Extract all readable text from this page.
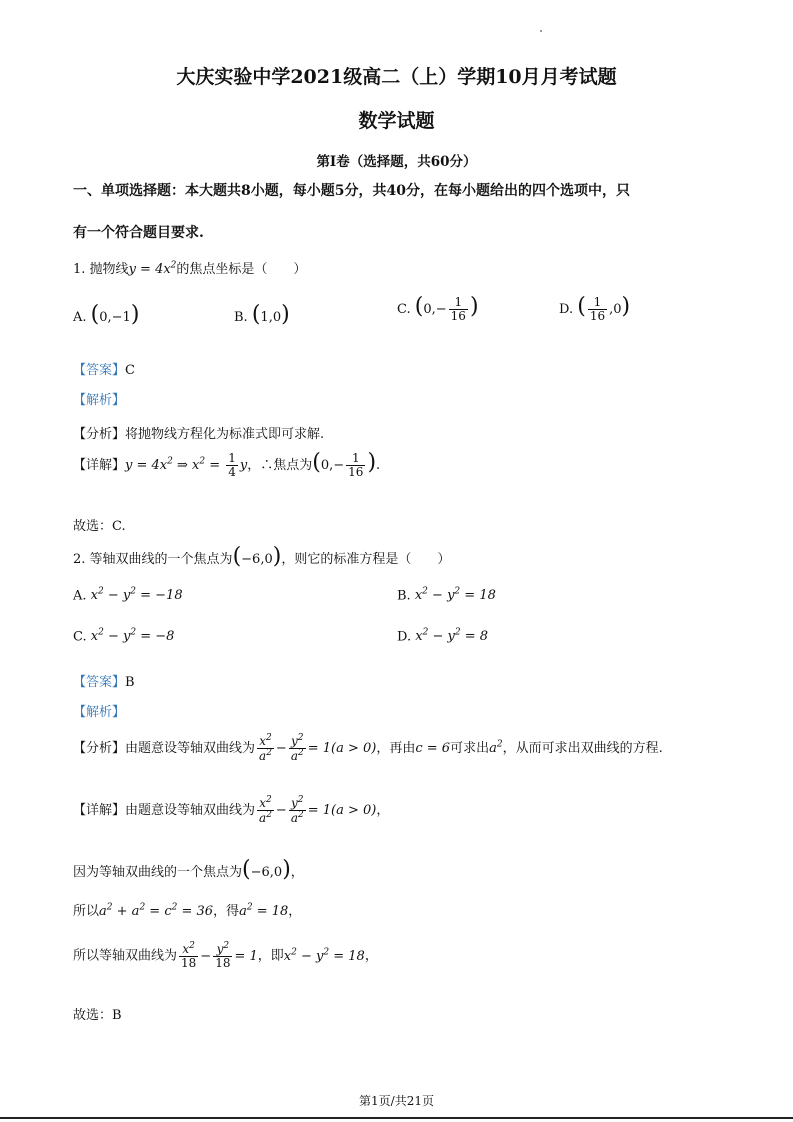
大庆实验中学2021级高二（上）学期10月月考试题
数学试题
第I卷（选择题，共60分）
一、单项选择题：本大题共8小题，每小题5分，共40分，在每小题给出的四个选项中，只
有一个符合题目要求.
1. 抛物线$y = 4x^2$的焦点坐标是（　　）
A. (0,−1)	B. (1,0)	C. ($0,- \frac{1}{16}$ )	D. ( $\frac{1}{16} ,0$)
【答案】C
【解析】
【分析】将抛物线方程化为标准式即可求解.
【详解】$y = 4x^2$ ⇒ $x^2 = \frac{1}{4}$ y，∴焦点为($0,- \frac{1}{16}$ ).
故选：C.
2. 等轴双曲线的一个焦点为(−6,0)，则它的标准方程是（　　）
A. $x^2 - y^2 = -18$	B. $x^2 - y^2 = 18$
C. $x^2 - y^2 = -8$	D. $x^2 - y^2 = 8$
【答案】B
【解析】
【分析】由题意设等轴双曲线为 $\frac{x^2}{a^2} - \frac{y^2}{a^2} = 1(a > 0)$，再由c = 6可求出$a^2$，从而可求出双曲线的方程.
【详解】由题意设等轴双曲线为 $\frac{x^2}{a^2} - \frac{y^2}{a^2} = 1(a > 0)$，
因为等轴双曲线的一个焦点为(−6,0)，
所以$a^2 + a^2 = c^2 = 36$，得$a^2 = 18$，
所以等轴双曲线为 $\frac{x^2}{18} - \frac{y^2}{18} = 1$，即$x^2 - y^2 = 18$，
故选：B
第1页/共21页
